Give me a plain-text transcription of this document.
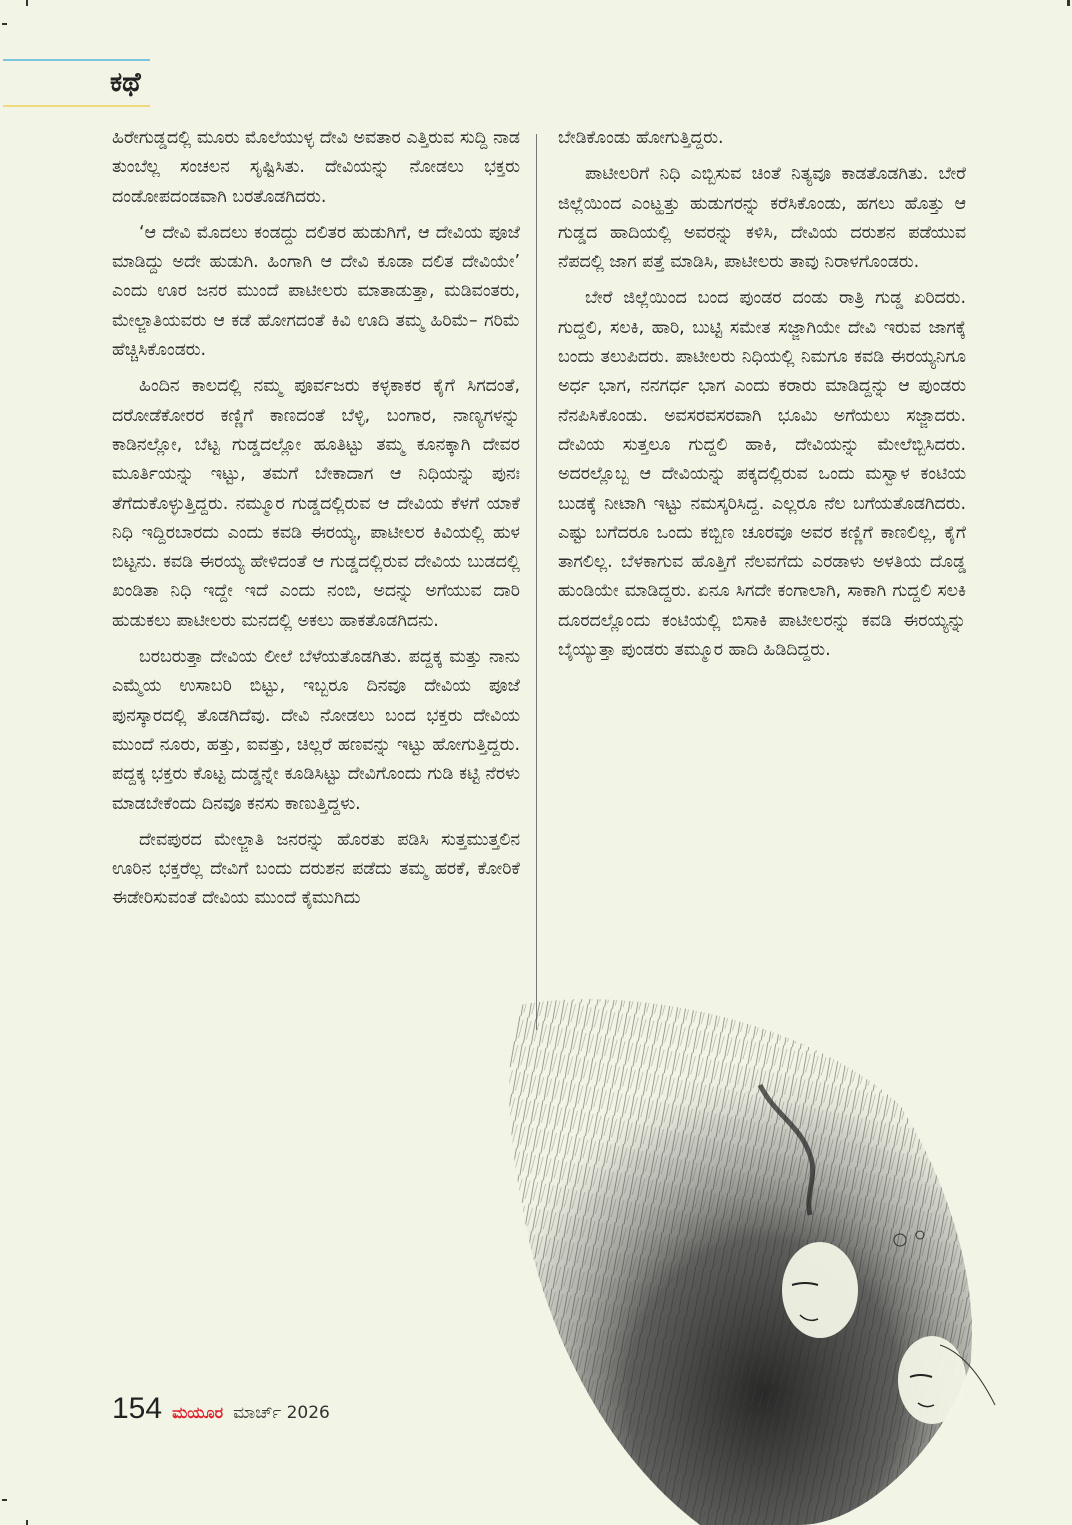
ಕಥೆ

ಹಿರೇಗುಡ್ಡದಲ್ಲಿ ಮೂರು ಮೊಲೆಯುಳ್ಳ ದೇವಿ ಅವತಾರ ಎತ್ತಿರುವ ಸುದ್ದಿ ನಾಡ ತುಂಬೆಲ್ಲ ಸಂಚಲನ ಸೃಷ್ಟಿಸಿತು. ದೇವಿಯನ್ನು ನೋಡಲು ಭಕ್ತರು ದಂಡೋಪದಂಡವಾಗಿ ಬರತೊಡಗಿದರು.

‘ಆ ದೇವಿ ಮೊದಲು ಕಂಡದ್ದು ದಲಿತರ ಹುಡುಗಿಗೆ, ಆ ದೇವಿಯ ಪೂಜೆ ಮಾಡಿದ್ದು ಅದೇ ಹುಡುಗಿ. ಹಿಂಗಾಗಿ ಆ ದೇವಿ ಕೂಡಾ ದಲಿತ ದೇವಿಯೇ’ ಎಂದು ಊರ ಜನರ ಮುಂದೆ ಪಾಟೀಲರು ಮಾತಾಡುತ್ತಾ, ಮಡಿವಂತರು, ಮೇಲ್ಜಾತಿಯವರು ಆ ಕಡೆ ಹೋಗದಂತೆ ಕಿವಿ ಊದಿ ತಮ್ಮ ಹಿರಿಮೆ– ಗರಿಮೆ ಹೆಚ್ಚಿಸಿಕೊಂಡರು.

ಹಿಂದಿನ ಕಾಲದಲ್ಲಿ ನಮ್ಮ ಪೂರ್ವಜರು ಕಳ್ಳಕಾಕರ ಕೈಗೆ ಸಿಗದಂತೆ, ದರೋಡೆಕೋರರ ಕಣ್ಣಿಗೆ ಕಾಣದಂತೆ ಬೆಳ್ಳಿ, ಬಂಗಾರ, ನಾಣ್ಯಗಳನ್ನು ಕಾಡಿನಲ್ಲೋ, ಬೆಟ್ಟ ಗುಡ್ಡದಲ್ಲೋ ಹೂತಿಟ್ಟು ತಮ್ಮ ಕೂನಕ್ಕಾಗಿ ದೇವರ ಮೂರ್ತಿಯನ್ನು ಇಟ್ಟು, ತಮಗೆ ಬೇಕಾದಾಗ ಆ ನಿಧಿಯನ್ನು ಪುನಃ ತೆಗೆದುಕೊಳ್ಳುತ್ತಿದ್ದರು. ನಮ್ಮೂರ ಗುಡ್ಡದಲ್ಲಿರುವ ಆ ದೇವಿಯ ಕೆಳಗೆ ಯಾಕೆ ನಿಧಿ ಇದ್ದಿರಬಾರದು ಎಂದು ಕವಡಿ ಈರಯ್ಯ, ಪಾಟೀಲರ ಕಿವಿಯಲ್ಲಿ ಹುಳ ಬಿಟ್ಟನು. ಕವಡಿ ಈರಯ್ಯ ಹೇಳಿದಂತೆ ಆ ಗುಡ್ಡದಲ್ಲಿರುವ ದೇವಿಯ ಬುಡದಲ್ಲಿ ಖಂಡಿತಾ ನಿಧಿ ಇದ್ದೇ ಇದೆ ಎಂದು ನಂಬಿ, ಅದನ್ನು ಅಗೆಯುವ ದಾರಿ ಹುಡುಕಲು ಪಾಟೀಲರು ಮನದಲ್ಲಿ ಅಕಲು ಹಾಕತೊಡಗಿದನು.

ಬರಬರುತ್ತಾ ದೇವಿಯ ಲೀಲೆ ಬೆಳೆಯತೊಡಗಿತು. ಪದ್ದಕ್ಕ ಮತ್ತು ನಾನು ಎಮ್ಮೆಯ ಉಸಾಬರಿ ಬಿಟ್ಟು, ಇಬ್ಬರೂ ದಿನವೂ ದೇವಿಯ ಪೂಜೆ ಪುನಸ್ಕಾರದಲ್ಲಿ ತೊಡಗಿದೆವು. ದೇವಿ ನೋಡಲು ಬಂದ ಭಕ್ತರು ದೇವಿಯ ಮುಂದೆ ನೂರು, ಹತ್ತು, ಐವತ್ತು, ಚಿಲ್ಲರೆ ಹಣವನ್ನು ಇಟ್ಟು ಹೋಗುತ್ತಿದ್ದರು. ಪದ್ದಕ್ಕ ಭಕ್ತರು ಕೊಟ್ಟ ದುಡ್ಡನ್ನೇ ಕೂಡಿಸಿಟ್ಟು ದೇವಿಗೊಂದು ಗುಡಿ ಕಟ್ಟಿ ನೆರಳು ಮಾಡಬೇಕೆಂದು ದಿನವೂ ಕನಸು ಕಾಣುತ್ತಿದ್ದಳು.

ದೇವಪುರದ ಮೇಲ್ಜಾತಿ ಜನರನ್ನು ಹೊರತು ಪಡಿಸಿ ಸುತ್ತಮುತ್ತಲಿನ ಊರಿನ ಭಕ್ತರೆಲ್ಲ ದೇವಿಗೆ ಬಂದು ದರುಶನ ಪಡೆದು ತಮ್ಮ ಹರಕೆ, ಕೋರಿಕೆ ಈಡೇರಿಸುವಂತೆ ದೇವಿಯ ಮುಂದೆ ಕೈಮುಗಿದು

ಬೇಡಿಕೊಂಡು ಹೋಗುತ್ತಿದ್ದರು.

ಪಾಟೀಲರಿಗೆ ನಿಧಿ ಎಬ್ಬಿಸುವ ಚಿಂತೆ ನಿತ್ಯವೂ ಕಾಡತೊಡಗಿತು. ಬೇರೆ ಜಿಲ್ಲೆಯಿಂದ ಎಂಟ್ಹತ್ತು ಹುಡುಗರನ್ನು ಕರೆಸಿಕೊಂಡು, ಹಗಲು ಹೊತ್ತು ಆ ಗುಡ್ಡದ ಹಾದಿಯಲ್ಲಿ ಅವರನ್ನು ಕಳಿಸಿ, ದೇವಿಯ ದರುಶನ ಪಡೆಯುವ ನೆಪದಲ್ಲಿ ಜಾಗ ಪತ್ತೆ ಮಾಡಿಸಿ, ಪಾಟೀಲರು ತಾವು ನಿರಾಳಗೊಂಡರು.

ಬೇರೆ ಜಿಲ್ಲೆಯಿಂದ ಬಂದ ಪುಂಡರ ದಂಡು ರಾತ್ರಿ ಗುಡ್ಡ ಏರಿದರು. ಗುದ್ದಲಿ, ಸಲಕಿ, ಹಾರಿ, ಬುಟ್ಟಿ ಸಮೇತ ಸಜ್ಜಾಗಿಯೇ ದೇವಿ ಇರುವ ಜಾಗಕ್ಕೆ ಬಂದು ತಲುಪಿದರು. ಪಾಟೀಲರು ನಿಧಿಯಲ್ಲಿ ನಿಮಗೂ ಕವಡಿ ಈರಯ್ಯನಿಗೂ ಅರ್ಧ ಭಾಗ, ನನಗರ್ಧ ಭಾಗ ಎಂದು ಕರಾರು ಮಾಡಿದ್ದನ್ನು ಆ ಪುಂಡರು ನೆನಪಿಸಿಕೊಂಡು. ಅವಸರವಸರವಾಗಿ ಭೂಮಿ ಅಗೆಯಲು ಸಜ್ಜಾದರು. ದೇವಿಯ ಸುತ್ತಲೂ ಗುದ್ದಲಿ ಹಾಕಿ, ದೇವಿಯನ್ನು ಮೇಲೆಬ್ಬಿಸಿದರು. ಅದರಲ್ಲೊಬ್ಬ ಆ ದೇವಿಯನ್ನು ಪಕ್ಕದಲ್ಲಿರುವ ಒಂದು ಮಸ್ವಾಳ ಕಂಟಿಯ ಬುಡಕ್ಕೆ ನೀಟಾಗಿ ಇಟ್ಟು ನಮಸ್ಕರಿಸಿದ್ದ. ಎಲ್ಲರೂ ನೆಲ ಬಗೆಯತೊಡಗಿದರು. ಎಷ್ಟು ಬಗೆದರೂ ಒಂದು ಕಬ್ಬಿಣ ಚೂರವೂ ಅವರ ಕಣ್ಣಿಗೆ ಕಾಣಲಿಲ್ಲ, ಕೈಗೆ ತಾಗಲಿಲ್ಲ. ಬೆಳಕಾಗುವ ಹೊತ್ತಿಗೆ ನೆಲವಗೆದು ಎರಡಾಳು ಅಳತಿಯ ದೊಡ್ಡ ಹುಂಡಿಯೇ ಮಾಡಿದ್ದರು. ಏನೂ ಸಿಗದೇ ಕಂಗಾಲಾಗಿ, ಸಾಕಾಗಿ ಗುದ್ದಲಿ ಸಲಕಿ ದೂರದಲ್ಲೊಂದು ಕಂಟಿಯಲ್ಲಿ ಬಿಸಾಕಿ ಪಾಟೀಲರನ್ನು ಕವಡಿ ಈರಯ್ಯನ್ನು ಬೈಯ್ಯುತ್ತಾ ಪುಂಡರು ತಮ್ಮೂರ ಹಾದಿ ಹಿಡಿದಿದ್ದರು.

154 ಮಯೂರ ಮಾರ್ಚ್ 2026
